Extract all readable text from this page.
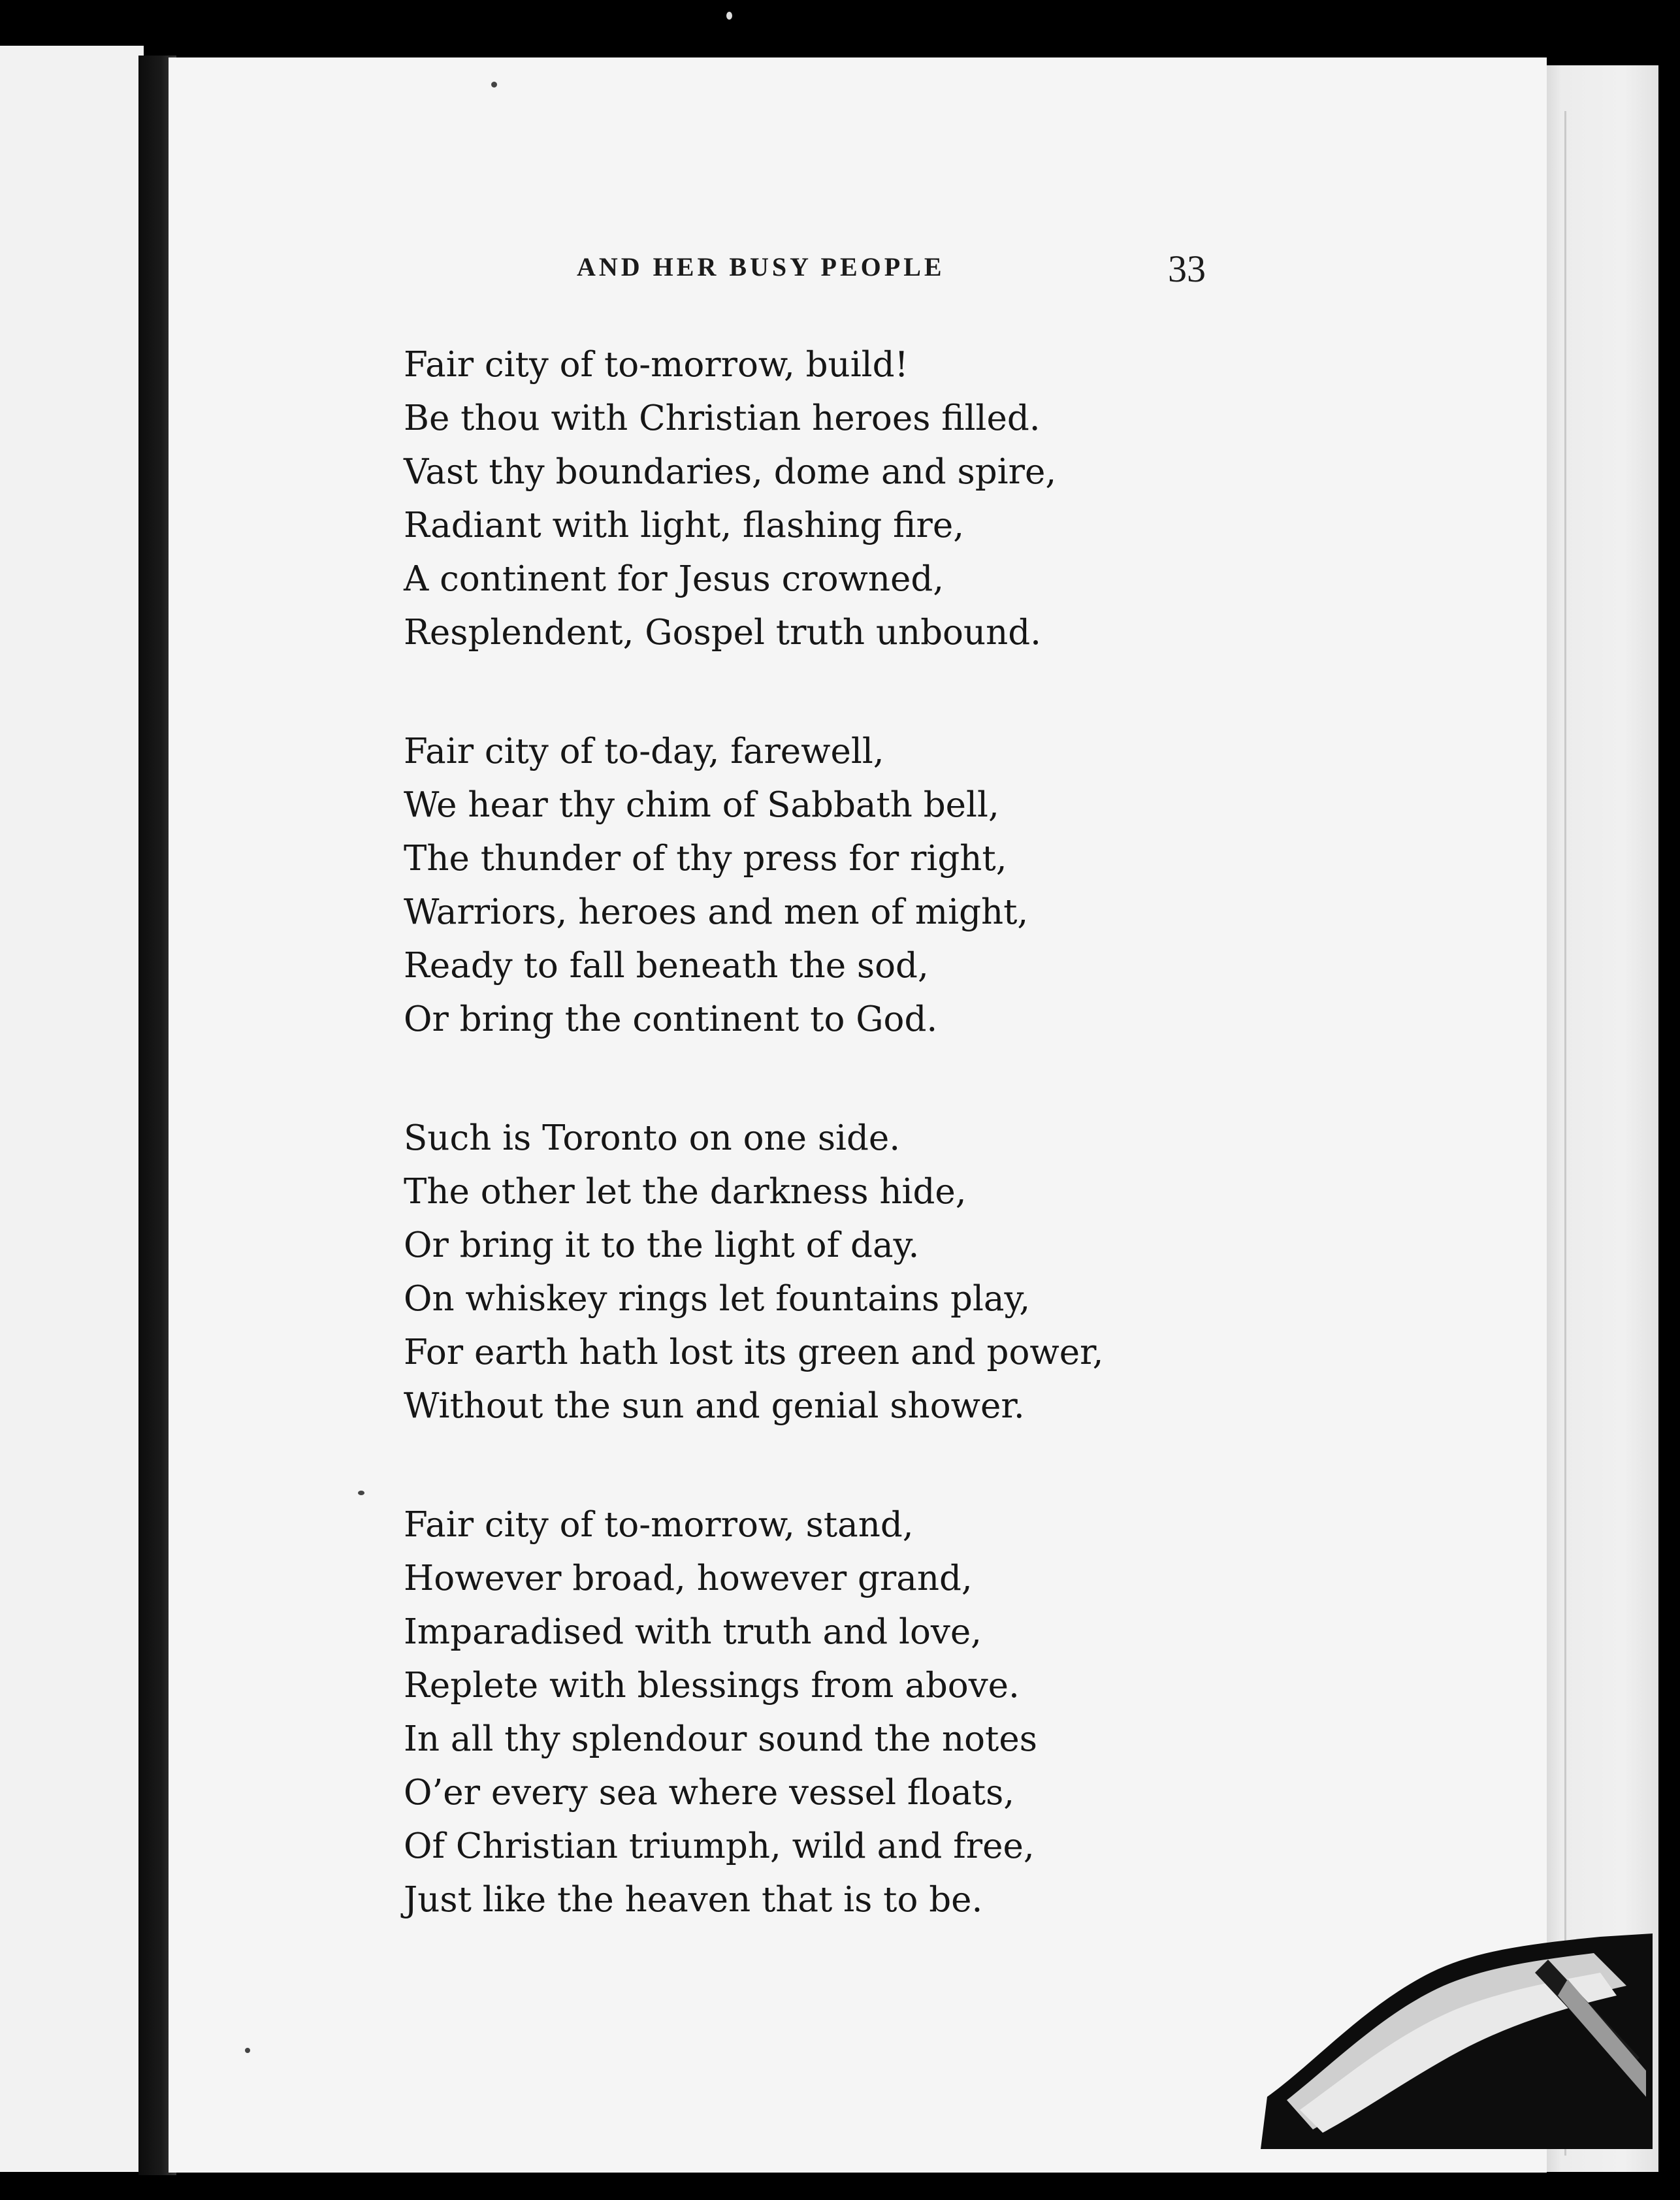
AND HER BUSY PEOPLE	33
Fair city of to-morrow, build!
Be thou with Christian heroes filled.
Vast thy boundaries, dome and spire,
Radiant with light, flashing fire,
A continent for Jesus crowned,
Resplendent, Gospel truth unbound.
Fair city of to-day, farewell,
We hear thy chim of Sabbath bell,
The thunder of thy press for right,
Warriors, heroes and men of might,
Ready to fall beneath the sod,
Or bring the continent to God.
Such is Toronto on one side.
The other let the darkness hide,
Or bring it to the light of day.
On whiskey rings let fountains play,
For earth hath lost its green and power,
Without the sun and genial shower.
Fair city of to-morrow, stand,
However broad, however grand,
Imparadised with truth and love,
Replete with blessings from above.
In all thy splendour sound the notes
O’er every sea where vessel floats,
Of Christian triumph, wild and free,
Just like the heaven that is to be.
